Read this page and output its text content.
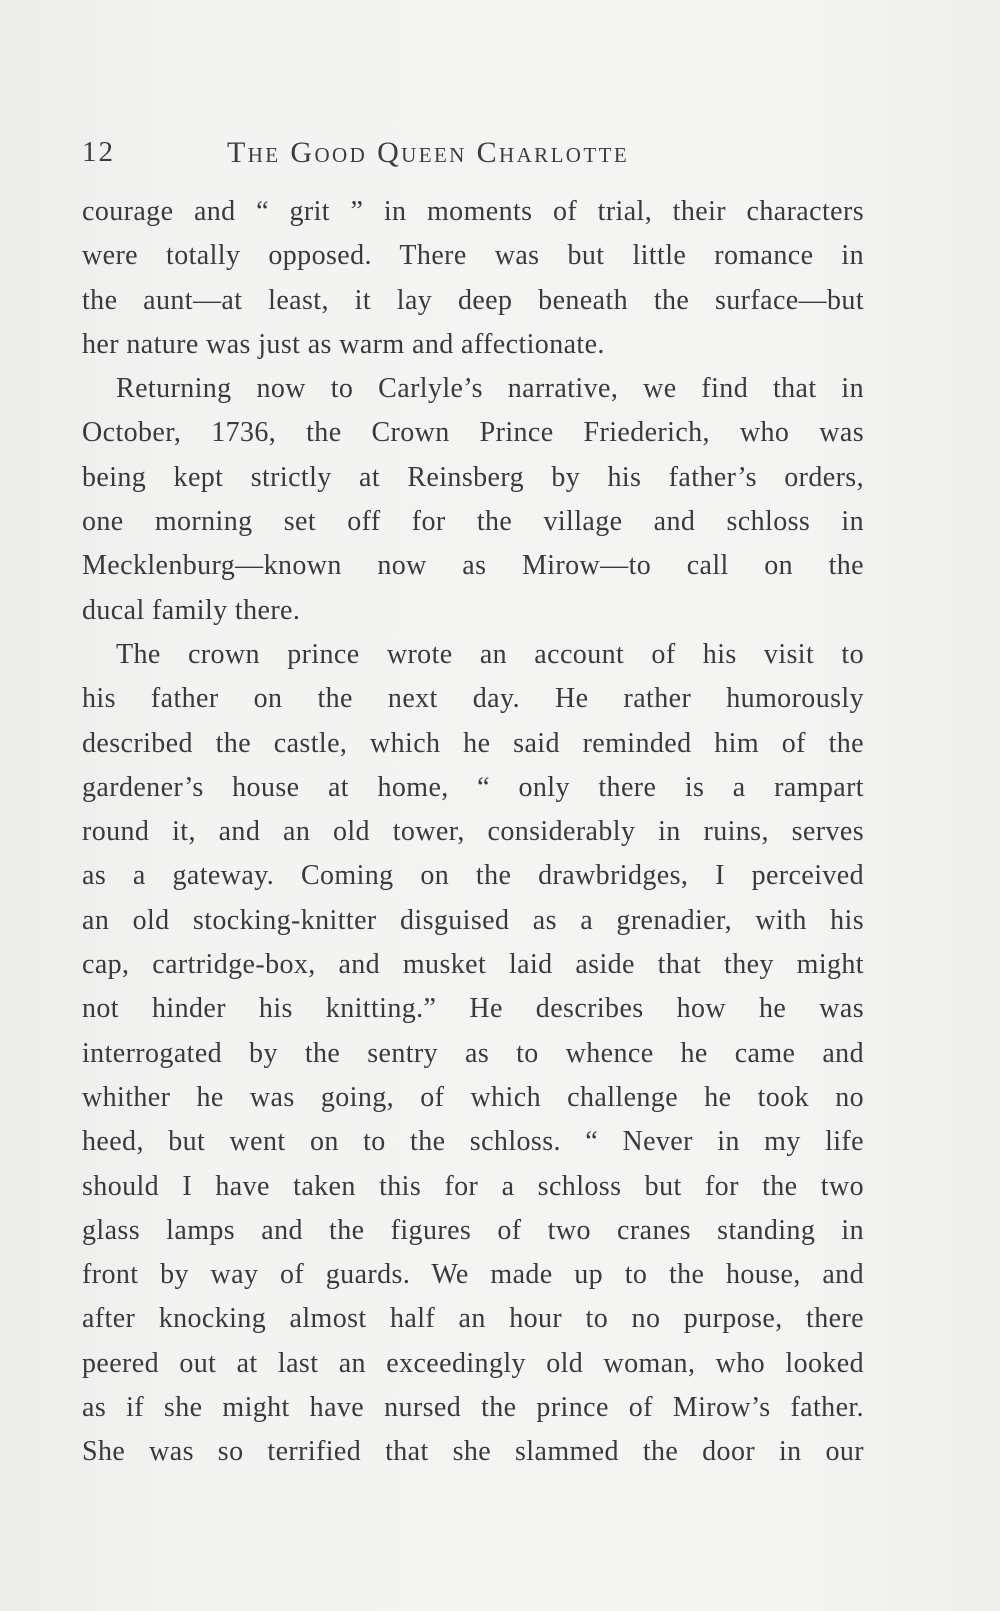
12	The Good Queen Charlotte
courage and “ grit ” in moments of trial, their characters
were totally opposed. There was but little romance in
the aunt—at least, it lay deep beneath the surface—but
her nature was just as warm and affectionate.
Returning now to Carlyle’s narrative, we find that in
October, 1736, the Crown Prince Friederich, who was
being kept strictly at Reinsberg by his father’s orders,
one morning set off for the village and schloss in
Mecklenburg—known now as Mirow—to call on the
ducal family there.
The crown prince wrote an account of his visit to
his father on the next day. He rather humorously
described the castle, which he said reminded him of the
gardener’s house at home, “ only there is a rampart
round it, and an old tower, considerably in ruins, serves
as a gateway. Coming on the drawbridges, I perceived
an old stocking-knitter disguised as a grenadier, with his
cap, cartridge-box, and musket laid aside that they might
not hinder his knitting.” He describes how he was
interrogated by the sentry as to whence he came and
whither he was going, of which challenge he took no
heed, but went on to the schloss. “ Never in my life
should I have taken this for a schloss but for the two
glass lamps and the figures of two cranes standing in
front by way of guards. We made up to the house, and
after knocking almost half an hour to no purpose, there
peered out at last an exceedingly old woman, who looked
as if she might have nursed the prince of Mirow’s father.
She was so terrified that she slammed the door in our
